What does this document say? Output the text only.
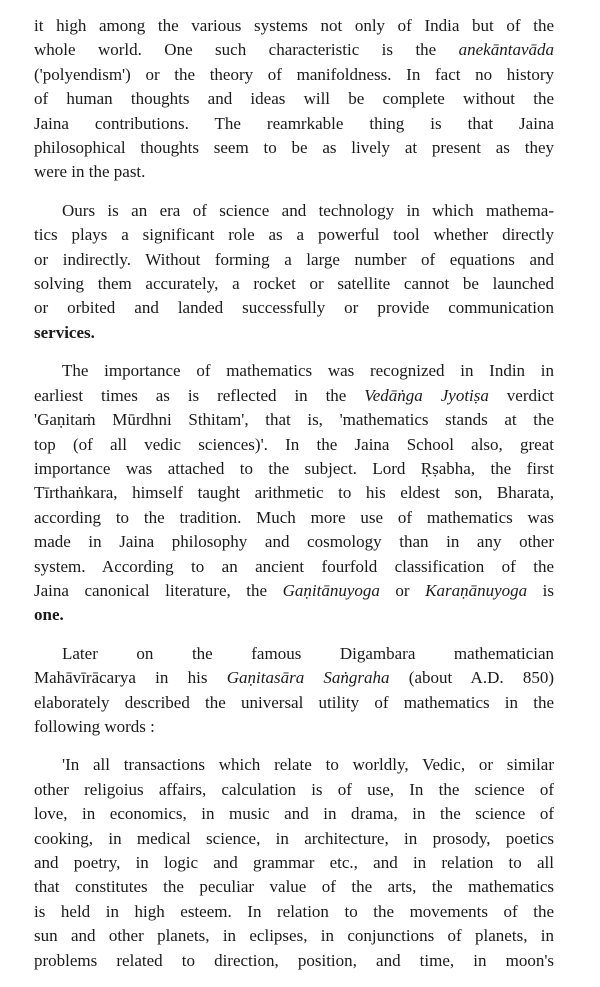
it high among the various systems not only of India but of the
whole world. One such characteristic is the anekāntavāda
('polyendism') or the theory of manifoldness. In fact no history
of human thoughts and ideas will be complete without the
Jaina contributions. The reamrkable thing is that Jaina
philosophical thoughts seem to be as lively at present as they
were in the past.
Ours is an era of science and technology in which mathema-
tics plays a significant role as a powerful tool whether directly
or indirectly. Without forming a large number of equations and
solving them accurately, a rocket or satellite cannot be launched
or orbited and landed successfully or provide communication
services.
The importance of mathematics was recognized in Indin in
earliest times as is reflected in the Vedāṅga Jyotiṣa verdict
'Gaṇitaṁ Mūrdhni Sthitam', that is, 'mathematics stands at the
top (of all vedic sciences)'. In the Jaina School also, great
importance was attached to the subject. Lord Ṛṣabha, the first
Tīrthaṅkara, himself taught arithmetic to his eldest son, Bharata,
according to the tradition. Much more use of mathematics was
made in Jaina philosophy and cosmology than in any other
system. According to an ancient fourfold classification of the
Jaina canonical literature, the Gaṇitānuyoga or Karaṇānuyoga is
one.
Later on the famous Digambara mathematician
Mahāvīrācarya in his Gaṇitasāra Saṅgraha (about A.D. 850)
elaborately described the universal utility of mathematics in the
following words :
'In all transactions which relate to worldly, Vedic, or similar
other religoius affairs, calculation is of use, In the science of
love, in economics, in music and in drama, in the science of
cooking, in medical science, in architecture, in prosody, poetics
and poetry, in logic and grammar etc., and in relation to all
that constitutes the peculiar value of the arts, the mathematics
is held in high esteem. In relation to the movements of the
sun and other planets, in eclipses, in conjunctions of planets, in
problems related to direction, position, and time, in moon's
